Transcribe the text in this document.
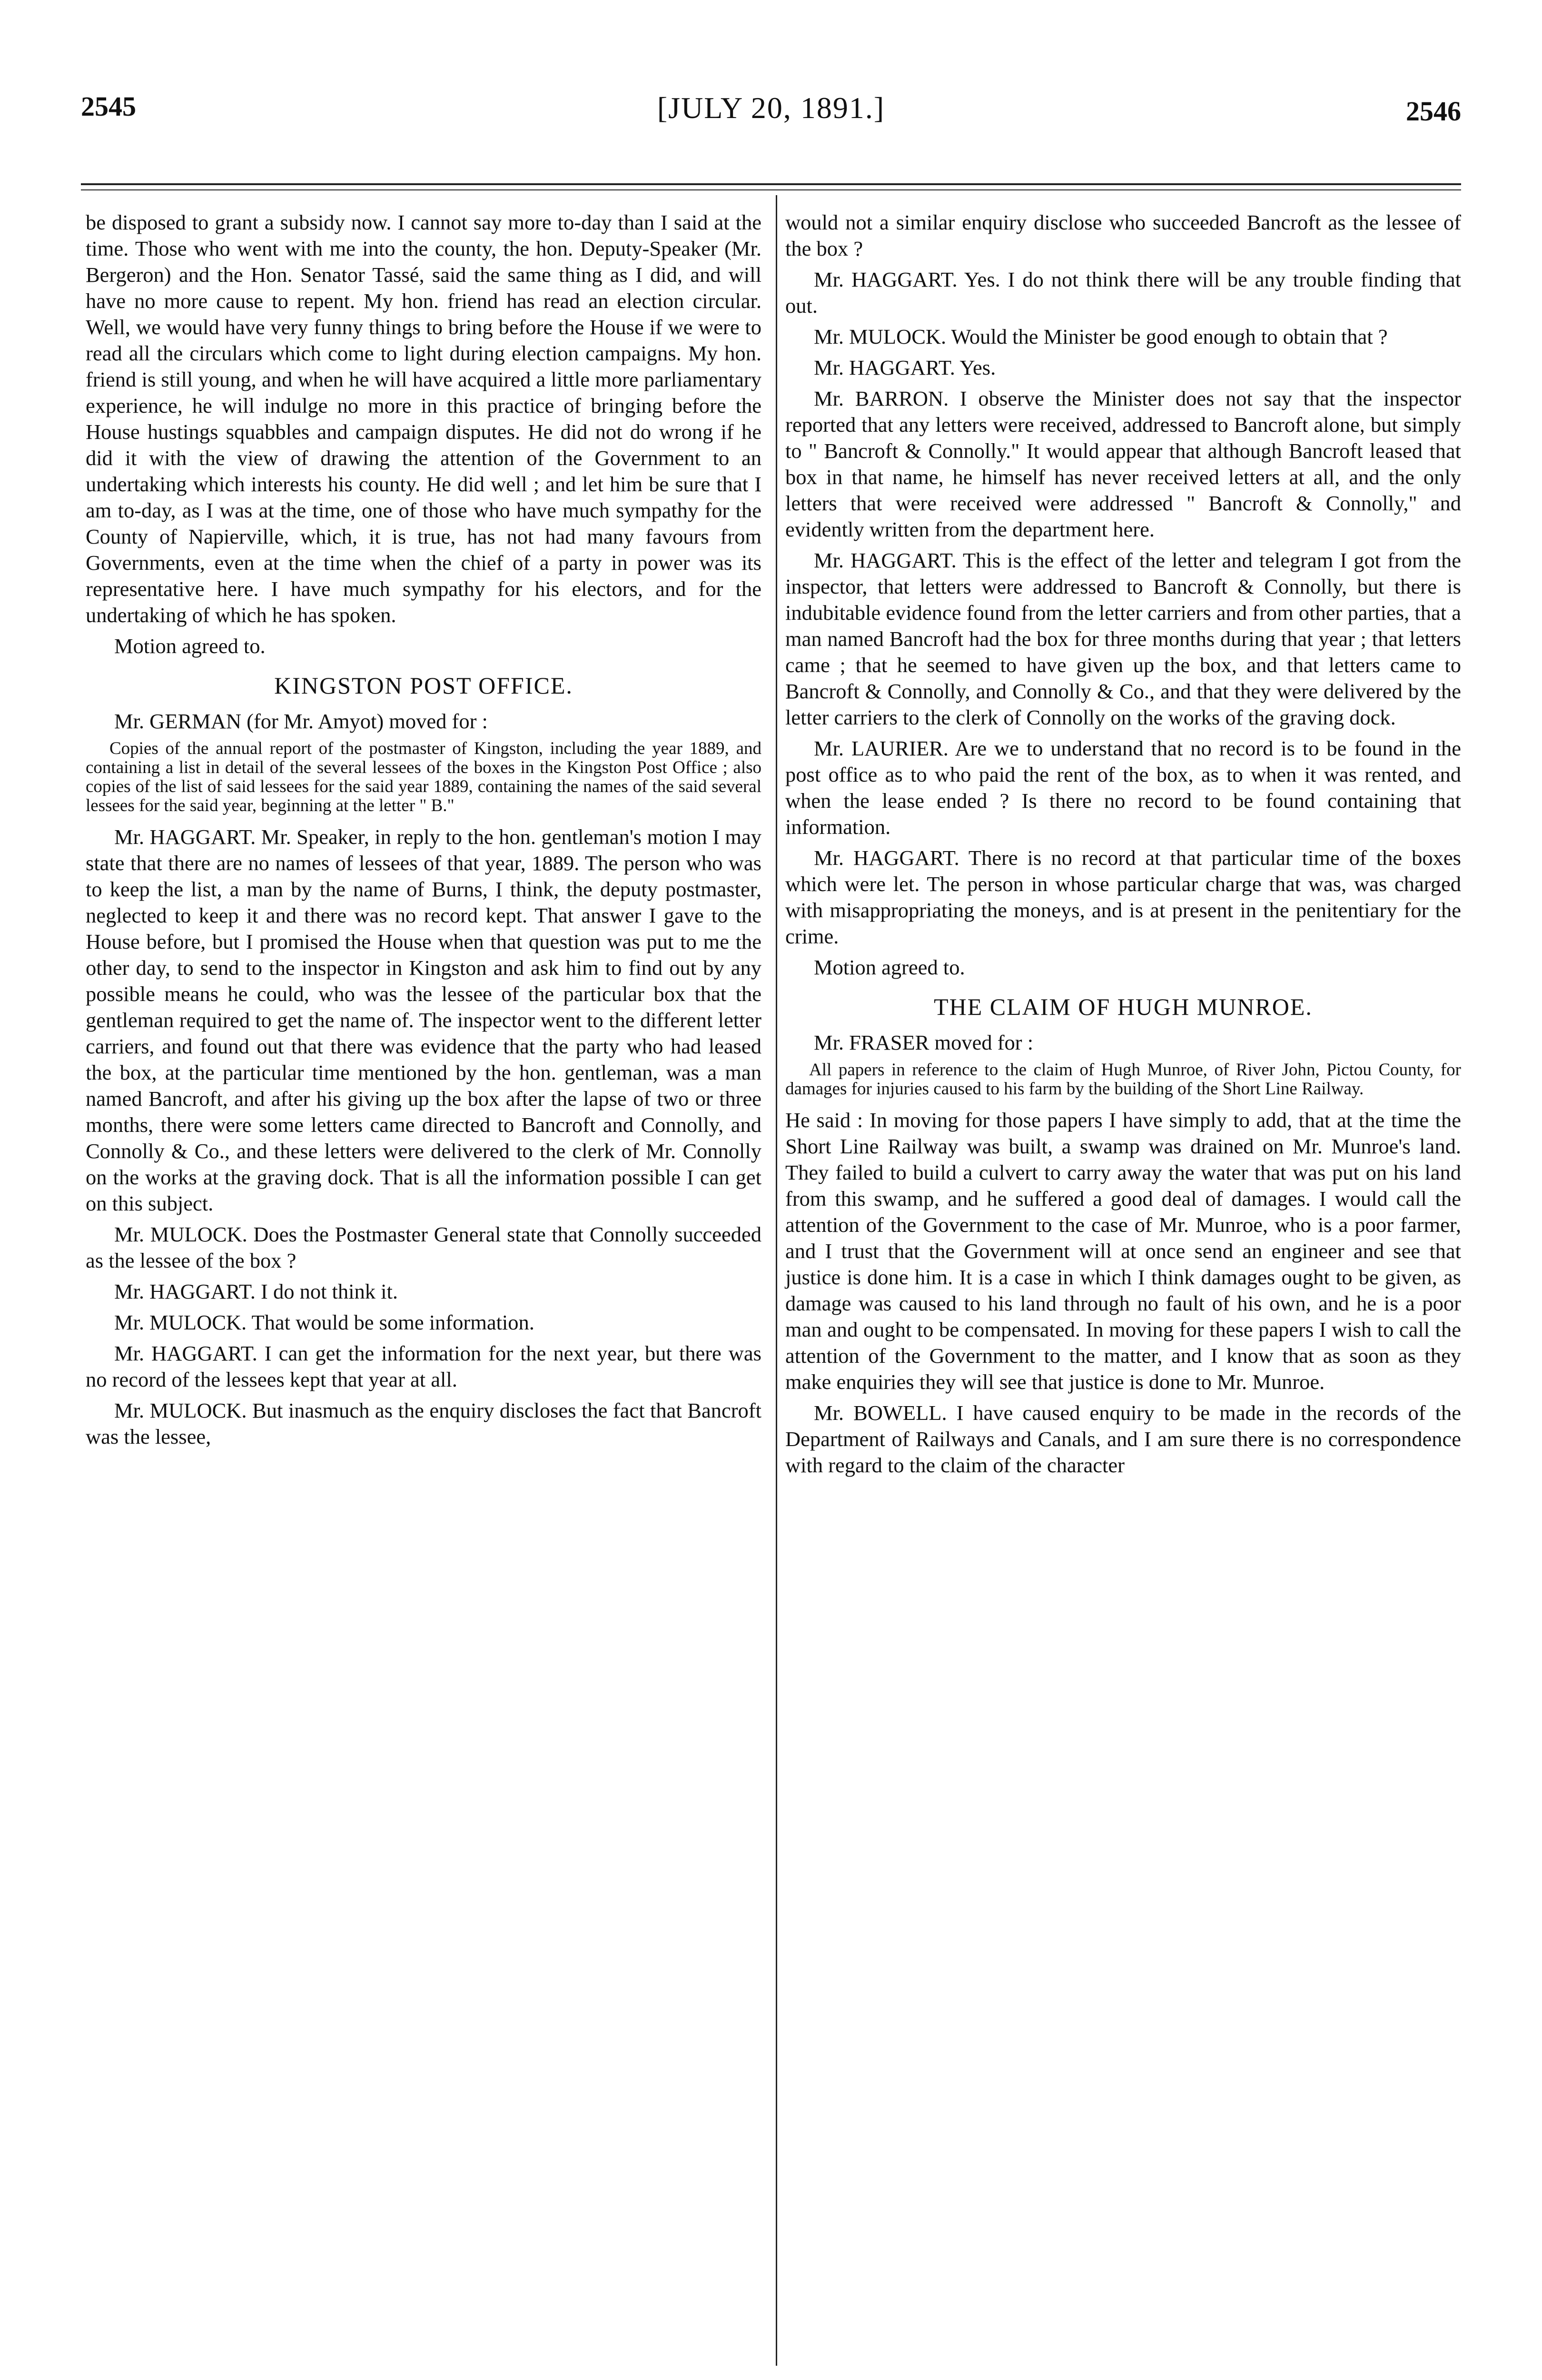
2545	[JULY 20, 1891.]	2546

be disposed to grant a subsidy now. I cannot say more to-day than I said at the time. Those who went with me into the county, the hon. Deputy-Speaker (Mr. Bergeron) and the Hon. Senator Tassé, said the same thing as I did, and will have no more cause to repent. My hon. friend has read an election circular. Well, we would have very funny things to bring before the House if we were to read all the circulars which come to light during election campaigns. My hon. friend is still young, and when he will have acquired a little more parliamentary experience, he will indulge no more in this practice of bringing before the House hustings squabbles and campaign disputes. He did not do wrong if he did it with the view of drawing the attention of the Government to an undertaking which interests his county. He did well ; and let him be sure that I am to-day, as I was at the time, one of those who have much sympathy for the County of Napierville, which, it is true, has not had many favours from Governments, even at the time when the chief of a party in power was its representative here. I have much sympathy for his electors, and for the undertaking of which he has spoken.

Motion agreed to.

KINGSTON POST OFFICE.

Mr. GERMAN (for Mr. Amyot) moved for :

Copies of the annual report of the postmaster of Kingston, including the year 1889, and containing a list in detail of the several lessees of the boxes in the Kingston Post Office ; also copies of the list of said lessees for the said year 1889, containing the names of the said several lessees for the said year, beginning at the letter " B."

Mr. HAGGART. Mr. Speaker, in reply to the hon. gentleman's motion I may state that there are no names of lessees of that year, 1889. The person who was to keep the list, a man by the name of Burns, I think, the deputy postmaster, neglected to keep it and there was no record kept. That answer I gave to the House before, but I promised the House when that question was put to me the other day, to send to the inspector in Kingston and ask him to find out by any possible means he could, who was the lessee of the particular box that the gentleman required to get the name of. The inspector went to the different letter carriers, and found out that there was evidence that the party who had leased the box, at the particular time mentioned by the hon. gentleman, was a man named Bancroft, and after his giving up the box after the lapse of two or three months, there were some letters came directed to Bancroft and Connolly, and Connolly & Co., and these letters were delivered to the clerk of Mr. Connolly on the works at the graving dock. That is all the information possible I can get on this subject.

Mr. MULOCK. Does the Postmaster General state that Connolly succeeded as the lessee of the box ?

Mr. HAGGART. I do not think it.

Mr. MULOCK. That would be some information.

Mr. HAGGART. I can get the information for the next year, but there was no record of the lessees kept that year at all.

Mr. MULOCK. But inasmuch as the enquiry discloses the fact that Bancroft was the lessee,

would not a similar enquiry disclose who succeeded Bancroft as the lessee of the box ?

Mr. HAGGART. Yes. I do not think there will be any trouble finding that out.

Mr. MULOCK. Would the Minister be good enough to obtain that ?

Mr. HAGGART. Yes.

Mr. BARRON. I observe the Minister does not say that the inspector reported that any letters were received, addressed to Bancroft alone, but simply to " Bancroft & Connolly." It would appear that although Bancroft leased that box in that name, he himself has never received letters at all, and the only letters that were received were addressed " Bancroft & Connolly," and evidently written from the department here.

Mr. HAGGART. This is the effect of the letter and telegram I got from the inspector, that letters were addressed to Bancroft & Connolly, but there is indubitable evidence found from the letter carriers and from other parties, that a man named Bancroft had the box for three months during that year ; that letters came ; that he seemed to have given up the box, and that letters came to Bancroft & Connolly, and Connolly & Co., and that they were delivered by the letter carriers to the clerk of Connolly on the works of the graving dock.

Mr. LAURIER. Are we to understand that no record is to be found in the post office as to who paid the rent of the box, as to when it was rented, and when the lease ended ? Is there no record to be found containing that information.

Mr. HAGGART. There is no record at that particular time of the boxes which were let. The person in whose particular charge that was, was charged with misappropriating the moneys, and is at present in the penitentiary for the crime.

Motion agreed to.

THE CLAIM OF HUGH MUNROE.

Mr. FRASER moved for :

All papers in reference to the claim of Hugh Munroe, of River John, Pictou County, for damages for injuries caused to his farm by the building of the Short Line Railway.

He said : In moving for those papers I have simply to add, that at the time the Short Line Railway was built, a swamp was drained on Mr. Munroe's land. They failed to build a culvert to carry away the water that was put on his land from this swamp, and he suffered a good deal of damages. I would call the attention of the Government to the case of Mr. Munroe, who is a poor farmer, and I trust that the Government will at once send an engineer and see that justice is done him. It is a case in which I think damages ought to be given, as damage was caused to his land through no fault of his own, and he is a poor man and ought to be compensated. In moving for these papers I wish to call the attention of the Government to the matter, and I know that as soon as they make enquiries they will see that justice is done to Mr. Munroe.

Mr. BOWELL. I have caused enquiry to be made in the records of the Department of Railways and Canals, and I am sure there is no correspondence with regard to the claim of the character
